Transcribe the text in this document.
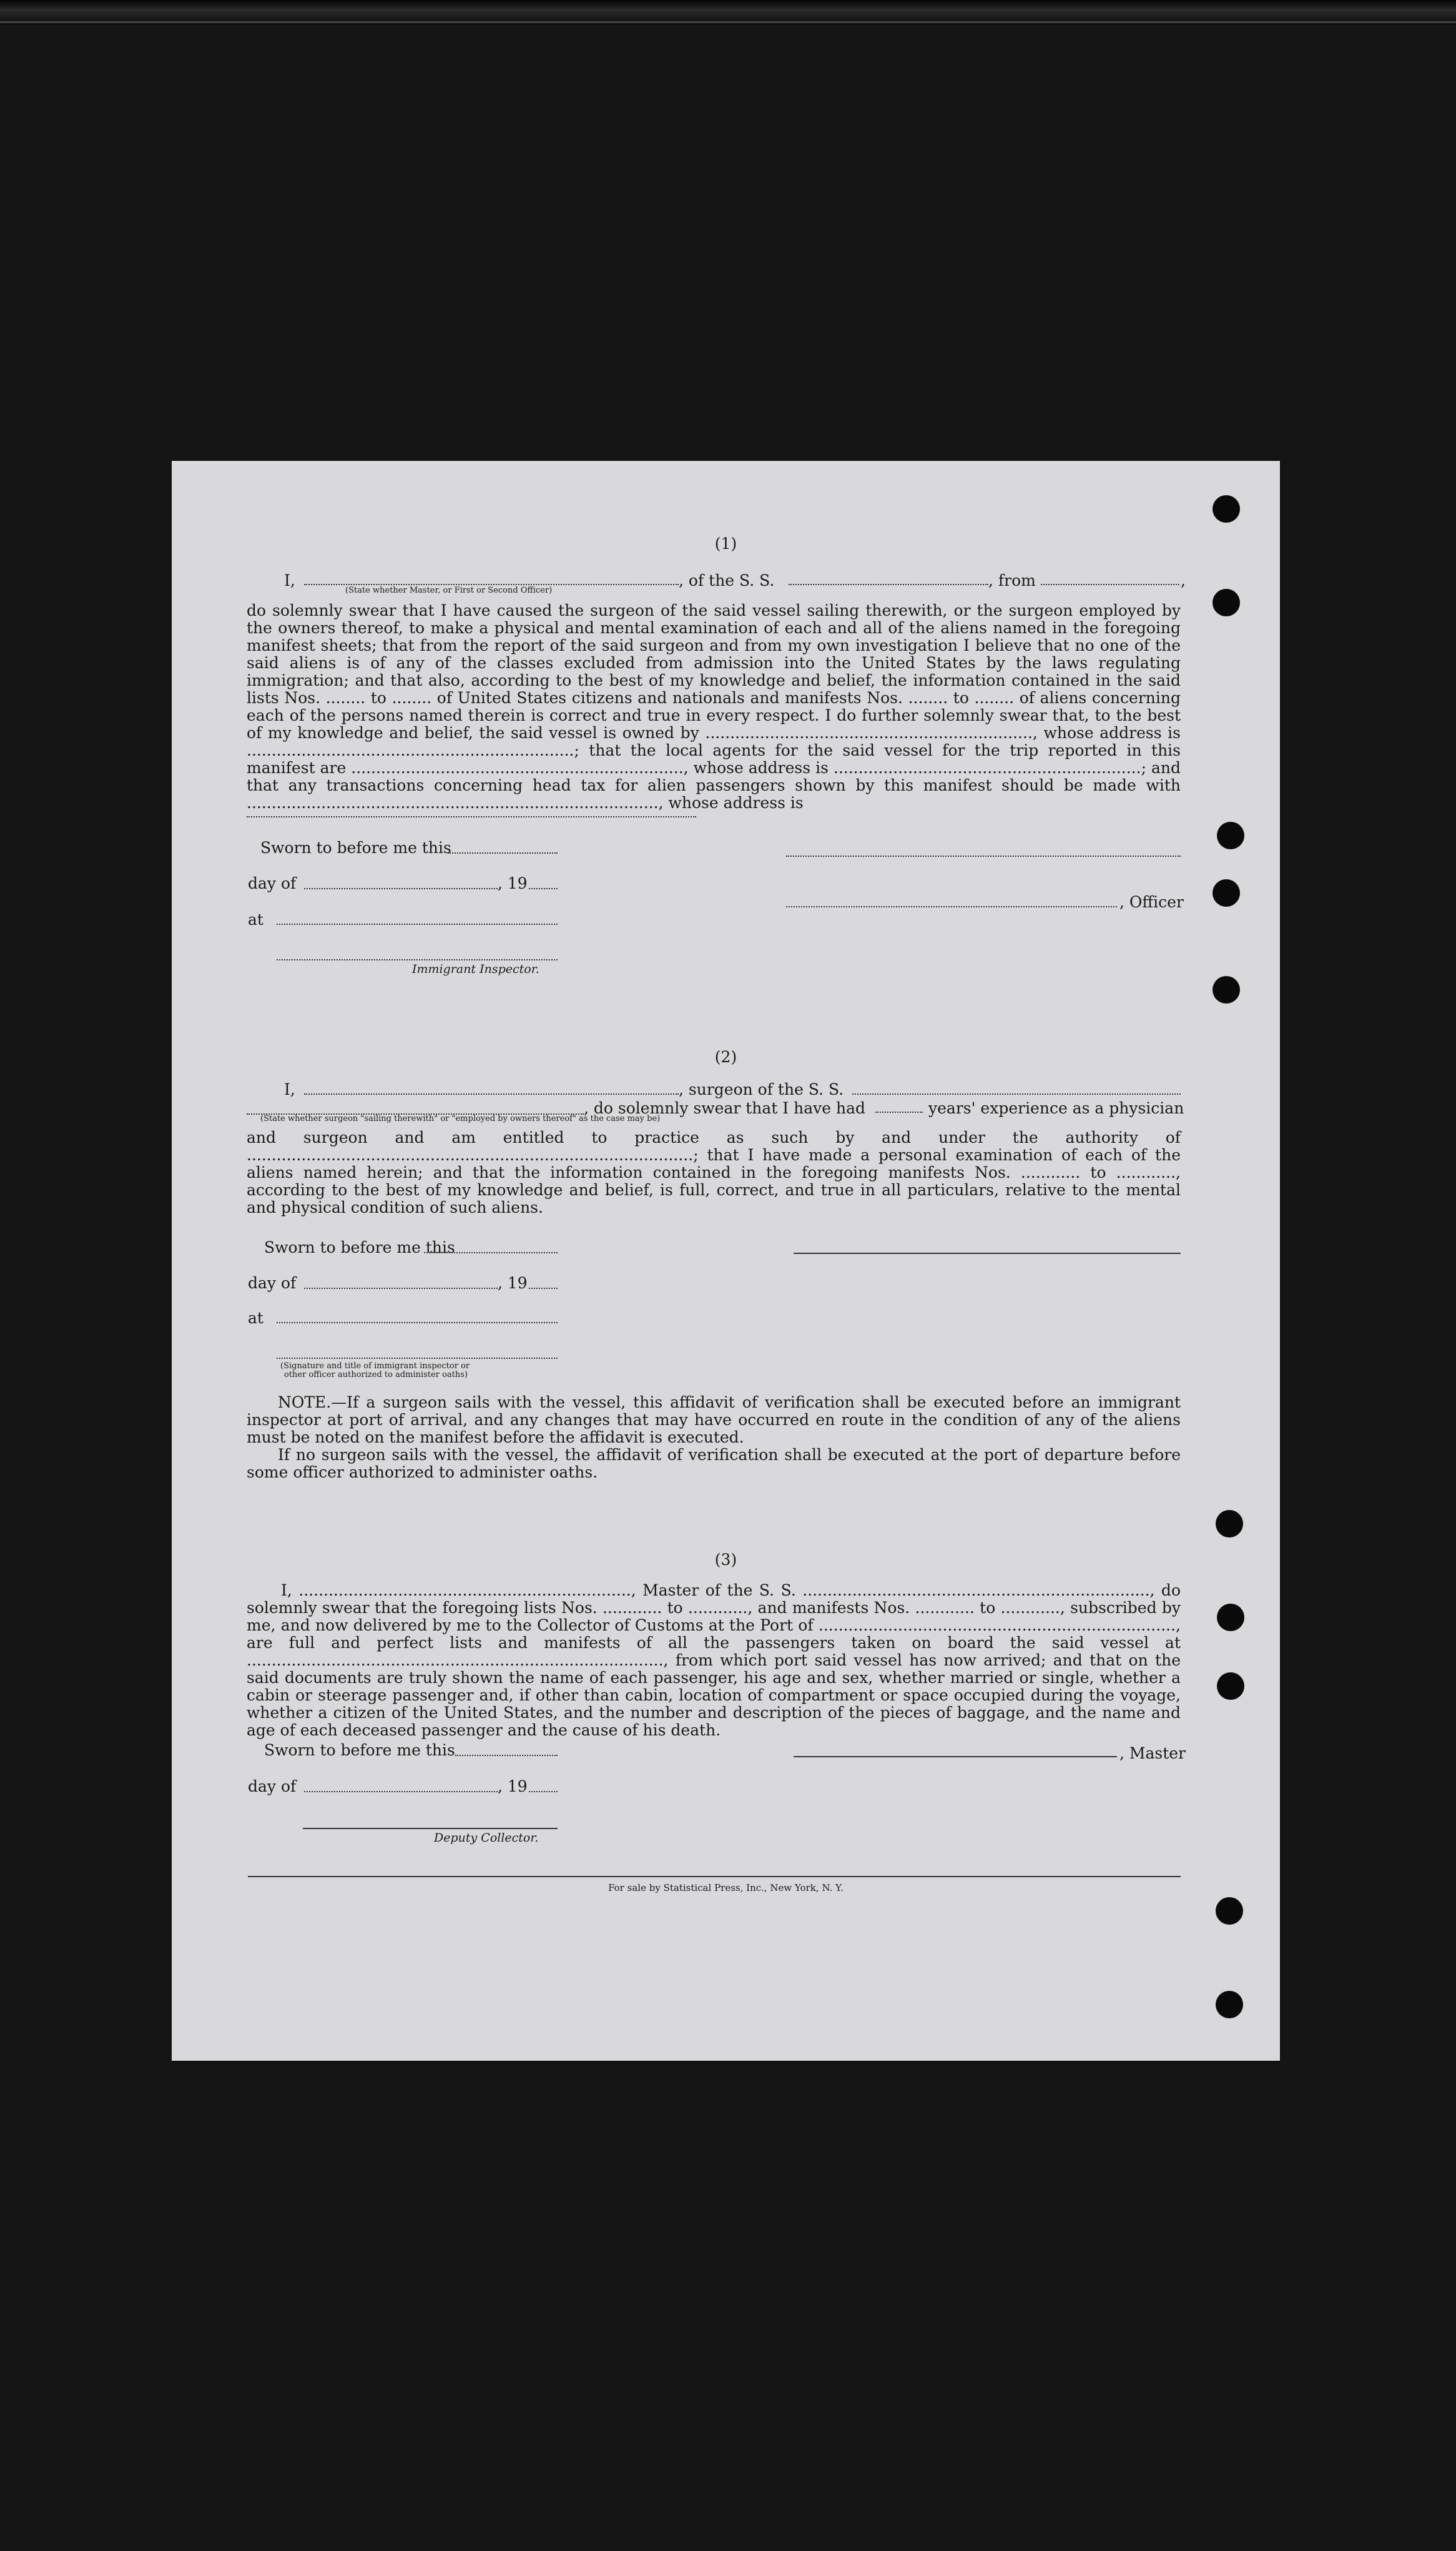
(1)
I,
(State whether Master, or First or Second Officer)
, of the S. S.	, from	,
do solemnly swear that I have caused the surgeon of the said vessel sailing therewith, or the surgeon employed by the owners thereof, to make a physical and mental examination of each and all of the aliens named in the foregoing manifest sheets; that from the report of the said surgeon and from my own investigation I believe that no one of the said aliens is of any of the classes excluded from admission into the United States by the laws regulating immigration; and that also, according to the best of my knowledge and belief, the information contained in the said lists Nos. ........ to ........ of United States citizens and nationals and manifests Nos. ........ to ........ of aliens concerning each of the persons named therein is correct and true in every respect. I do further solemnly swear that, to the best of my knowledge and belief, the said vessel is owned by .................................................................., whose address is ..................................................................; that the local agents for the said vessel for the trip reported in this manifest are ..................................................................., whose address is ..............................................................; and that any transactions concerning head tax for alien passengers shown by this manifest should be made with ..................................................................................., whose address is
Sworn to before me this
day of	, 19
, Officer
at
Immigrant Inspector.
(2)
I,	, surgeon of the S. S.
, do solemnly swear that I have had	years' experience as a physician
(State whether surgeon "sailing therewith" or "employed by owners thereof" as the case may be)
and surgeon and am entitled to practice as such by and under the authority of ..........................................................................................; that I have made a personal examination of each of the aliens named herein; and that the information contained in the foregoing manifests Nos. ............ to ............, according to the best of my knowledge and belief, is full, correct, and true in all particulars, relative to the mental and physical condition of such aliens.
Sworn to before me this
day of	, 19
at
(Signature and title of immigrant inspector or
other officer authorized to administer oaths)
NOTE.—If a surgeon sails with the vessel, this affidavit of verification shall be executed before an immigrant inspector at port of arrival, and any changes that may have occurred en route in the condition of any of the aliens must be noted on the manifest before the affidavit is executed.
If no surgeon sails with the vessel, the affidavit of verification shall be executed at the port of departure before some officer authorized to administer oaths.
(3)
I, ..................................................................., Master of the S. S. ......................................................................, do solemnly swear that the foregoing lists Nos. ............ to ............, and manifests Nos. ............ to ............, subscribed by me, and now delivered by me to the Collector of Customs at the Port of ........................................................................, are full and perfect lists and manifests of all the passengers taken on board the said vessel at ...................................................................................., from which port said vessel has now arrived; and that on the said documents are truly shown the name of each passenger, his age and sex, whether married or single, whether a cabin or steerage passenger and, if other than cabin, location of compartment or space occupied during the voyage, whether a citizen of the United States, and the number and description of the pieces of baggage, and the name and age of each deceased passenger and the cause of his death.
Sworn to before me this	, Master
day of	, 19
Deputy Collector.
For sale by Statistical Press, Inc., New York, N. Y.
